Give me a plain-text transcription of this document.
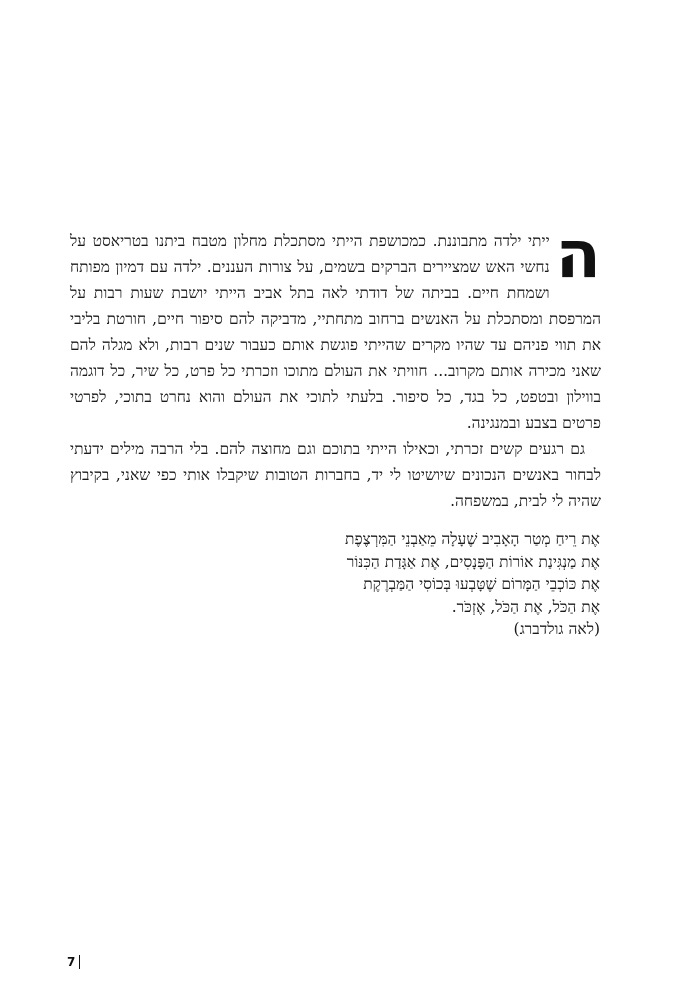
ה
ייתי ילדה מתבוננת. כמכושפת הייתי מסתכלת מחלון מטבח ביתנו בטריאסט על נחשי האש שמציירים הברקים בשמים, על צורות העננים. ילדה עם דמיון מפותח ושמחת חיים. בביתה של דודתי לאה בתל אביב הייתי יושבת שעות רבות על המרפסת ומסתכלת על האנשים ברחוב מתחתיי, מדביקה להם סיפור חיים, חורטת בליבי את תווי פניהם עד שהיו מקרים שהייתי פוגשת אותם כעבור שנים רבות, ולא מגלה להם שאני מכירה אותם מקרוב... חוויתי את העולם מתוכו וזכרתי כל פרט, כל שיר, כל דוגמה בווילון ובטפט, כל בגד, כל סיפור. בלעתי לתוכי את העולם והוא נחרט בתוכי, לפרטי פרטים בצבע ובמנגינה.

גם רגעים קשים זכרתי, וכאילו הייתי בתוכם וגם מחוצה להם. בלי הרבה מילים ידעתי לבחור באנשים הנכונים שיושיטו לי יד, בחברות הטובות שיקבלו אותי כפי שאני, בקיבוץ שהיה לי לבית, במשפחה.

אֶת רֵיחַ מְטַר הָאָבִיב שֶׁעָלָה מֵאַבְנֵי הַמִּרְצֶפֶת
אֶת מַנְגִּינַת אוֹרוֹת הַפָּנָסִים, אֶת אַגָּדַת הַכִּנּוֹר
אֶת כּוֹכְבֵי הַמָּרוֹם שֶׁטָּבְעוּ בְּכוֹסִי הַמַּבְרֶקֶת
אֶת הַכֹּל, אֶת הַכֹּל, אֶזְכֹּר.
(לאה גולדברג)
7
